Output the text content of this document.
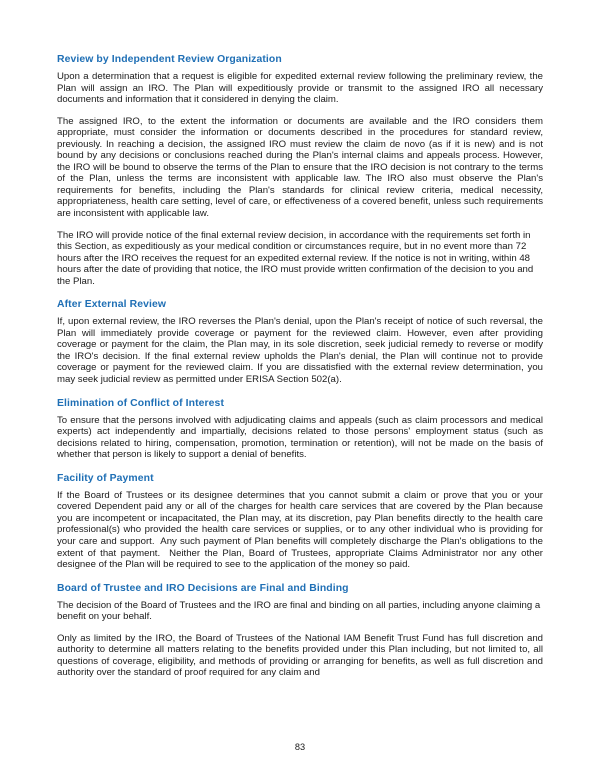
Review by Independent Review Organization

Upon a determination that a request is eligible for expedited external review following the preliminary review, the Plan will assign an IRO. The Plan will expeditiously provide or transmit to the assigned IRO all necessary documents and information that it considered in denying the claim.

The assigned IRO, to the extent the information or documents are available and the IRO considers them appropriate, must consider the information or documents described in the procedures for standard review, previously. In reaching a decision, the assigned IRO must review the claim de novo (as if it is new) and is not bound by any decisions or conclusions reached during the Plan's internal claims and appeals process. However, the IRO will be bound to observe the terms of the Plan to ensure that the IRO decision is not contrary to the terms of the Plan, unless the terms are inconsistent with applicable law. The IRO also must observe the Plan's requirements for benefits, including the Plan's standards for clinical review criteria, medical necessity, appropriateness, health care setting, level of care, or effectiveness of a covered benefit, unless such requirements are inconsistent with applicable law.

The IRO will provide notice of the final external review decision, in accordance with the requirements set forth in this Section, as expeditiously as your medical condition or circumstances require, but in no event more than 72 hours after the IRO receives the request for an expedited external review. If the notice is not in writing, within 48 hours after the date of providing that notice, the IRO must provide written confirmation of the decision to you and the Plan.

After External Review

If, upon external review, the IRO reverses the Plan's denial, upon the Plan's receipt of notice of such reversal, the Plan will immediately provide coverage or payment for the reviewed claim. However, even after providing coverage or payment for the claim, the Plan may, in its sole discretion, seek judicial remedy to reverse or modify the IRO's decision. If the final external review upholds the Plan's denial, the Plan will continue not to provide coverage or payment for the reviewed claim. If you are dissatisfied with the external review determination, you may seek judicial review as permitted under ERISA Section 502(a).

Elimination of Conflict of Interest

To ensure that the persons involved with adjudicating claims and appeals (such as claim processors and medical experts) act independently and impartially, decisions related to those persons' employment status (such as decisions related to hiring, compensation, promotion, termination or retention), will not be made on the basis of whether that person is likely to support a denial of benefits.

Facility of Payment

If the Board of Trustees or its designee determines that you cannot submit a claim or prove that you or your covered Dependent paid any or all of the charges for health care services that are covered by the Plan because you are incompetent or incapacitated, the Plan may, at its discretion, pay Plan benefits directly to the health care professional(s) who provided the health care services or supplies, or to any other individual who is providing for your care and support.  Any such payment of Plan benefits will completely discharge the Plan's obligations to the extent of that payment.  Neither the Plan, Board of Trustees, appropriate Claims Administrator nor any other designee of the Plan will be required to see to the application of the money so paid.

Board of Trustee and IRO Decisions are Final and Binding

The decision of the Board of Trustees and the IRO are final and binding on all parties, including anyone claiming a benefit on your behalf.

Only as limited by the IRO, the Board of Trustees of the National IAM Benefit Trust Fund has full discretion and authority to determine all matters relating to the benefits provided under this Plan including, but not limited to, all questions of coverage, eligibility, and methods of providing or arranging for benefits, as well as full discretion and authority over the standard of proof required for any claim and

83
